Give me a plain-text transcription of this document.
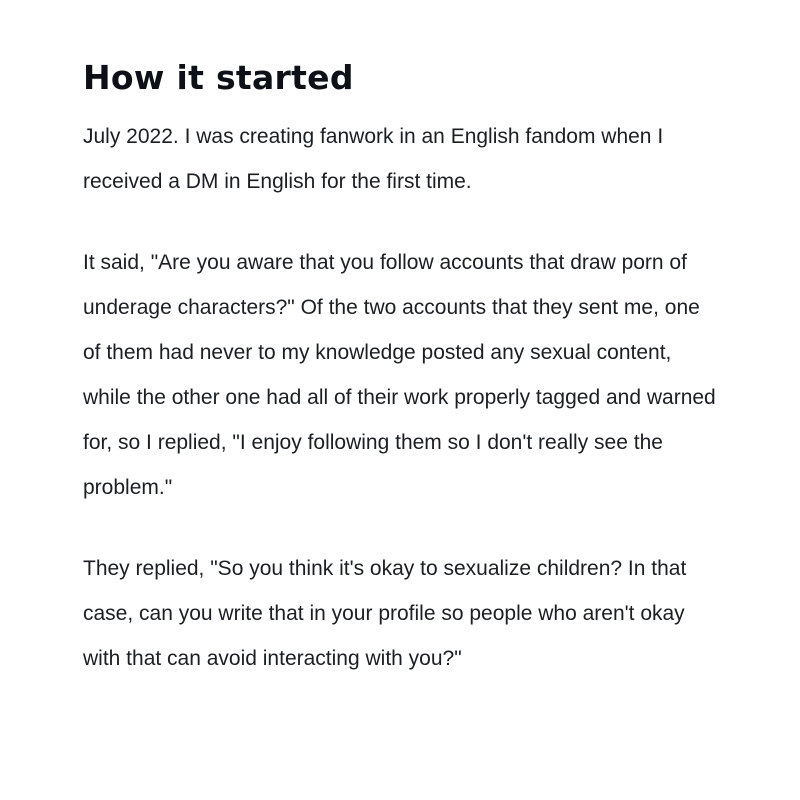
How it started

July 2022. I was creating fanwork in an English fandom when I received a DM in English for the first time.

It said, "Are you aware that you follow accounts that draw porn of underage characters?" Of the two accounts that they sent me, one of them had never to my knowledge posted any sexual content, while the other one had all of their work properly tagged and warned for, so I replied, "I enjoy following them so I don't really see the problem."

They replied, "So you think it's okay to sexualize children? In that case, can you write that in your profile so people who aren't okay with that can avoid interacting with you?"
